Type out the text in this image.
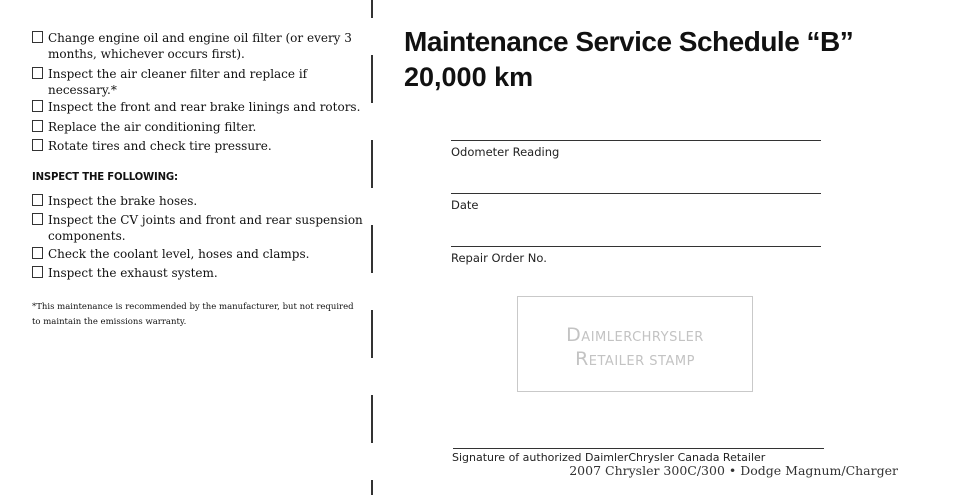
Change engine oil and engine oil filter (or every 3 months, whichever occurs first).
Inspect the air cleaner filter and replace if necessary.*
Inspect the front and rear brake linings and rotors.
Replace the air conditioning filter.
Rotate tires and check tire pressure.
INSPECT THE FOLLOWING:
Inspect the brake hoses.
Inspect the CV joints and front and rear suspension components.
Check the coolant level, hoses and clamps.
Inspect the exhaust system.
*This maintenance is recommended by the manufacturer, but not required to maintain the emissions warranty.
Maintenance Service Schedule “B”
20,000 km
Odometer Reading
Date
Repair Order No.
DAIMLERCHRYSLER
RETAILER STAMP
Signature of authorized DaimlerChrysler Canada Retailer
2007 Chrysler 300C/300 • Dodge Magnum/Charger
